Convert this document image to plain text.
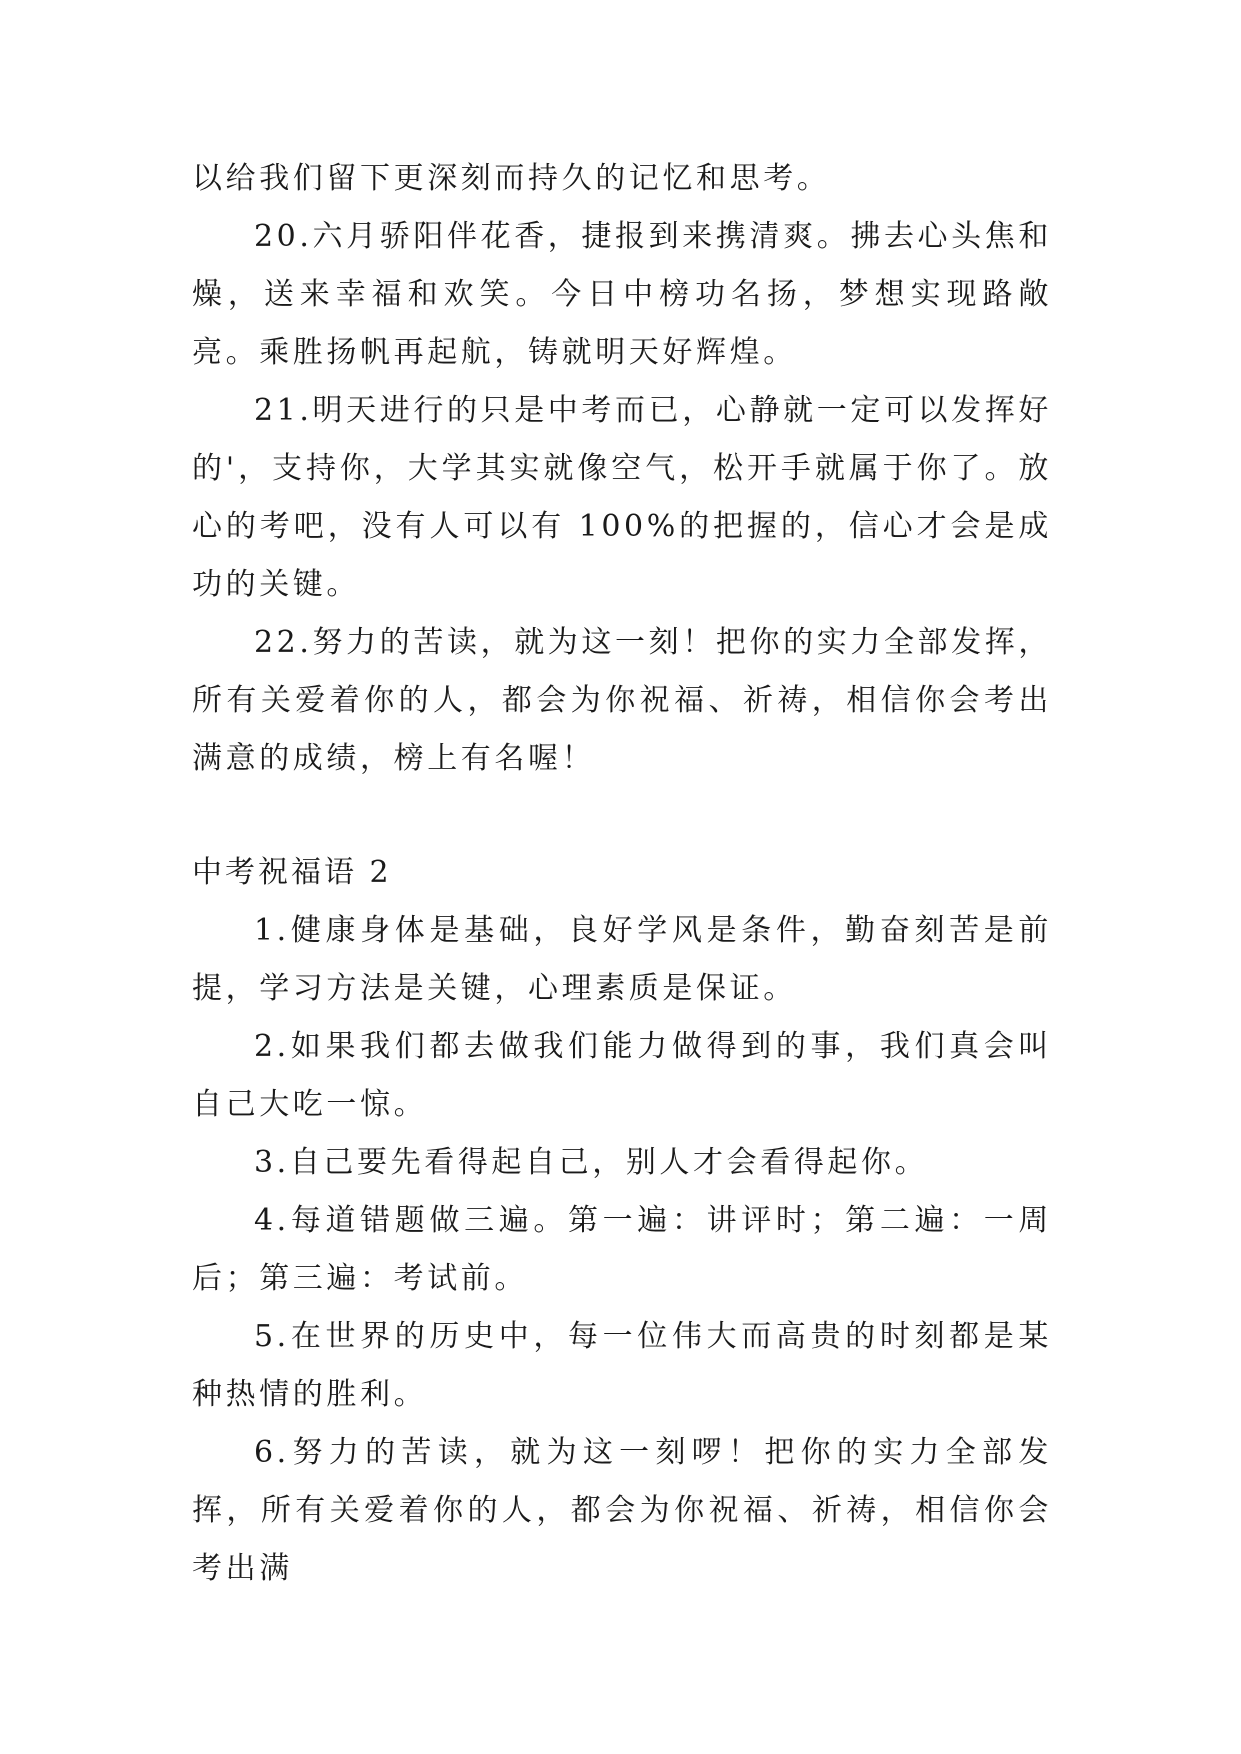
以给我们留下更深刻而持久的记忆和思考。

20.六月骄阳伴花香，捷报到来携清爽。拂去心头焦和燥，送来幸福和欢笑。今日中榜功名扬，梦想实现路敞亮。乘胜扬帆再起航，铸就明天好辉煌。

21.明天进行的只是中考而已，心静就一定可以发挥好的'，支持你，大学其实就像空气，松开手就属于你了。放心的考吧，没有人可以有 100%的把握的，信心才会是成功的关键。

22.努力的苦读，就为这一刻！把你的实力全部发挥，所有关爱着你的人，都会为你祝福、祈祷，相信你会考出满意的成绩，榜上有名喔！

中考祝福语 2

1.健康身体是基础，良好学风是条件，勤奋刻苦是前提，学习方法是关键，心理素质是保证。

2.如果我们都去做我们能力做得到的事，我们真会叫自己大吃一惊。

3.自己要先看得起自己，别人才会看得起你。

4.每道错题做三遍。第一遍：讲评时；第二遍：一周后；第三遍：考试前。

5.在世界的历史中，每一位伟大而高贵的时刻都是某种热情的胜利。

6.努力的苦读，就为这一刻啰！把你的实力全部发挥，所有关爱着你的人，都会为你祝福、祈祷，相信你会考出满
